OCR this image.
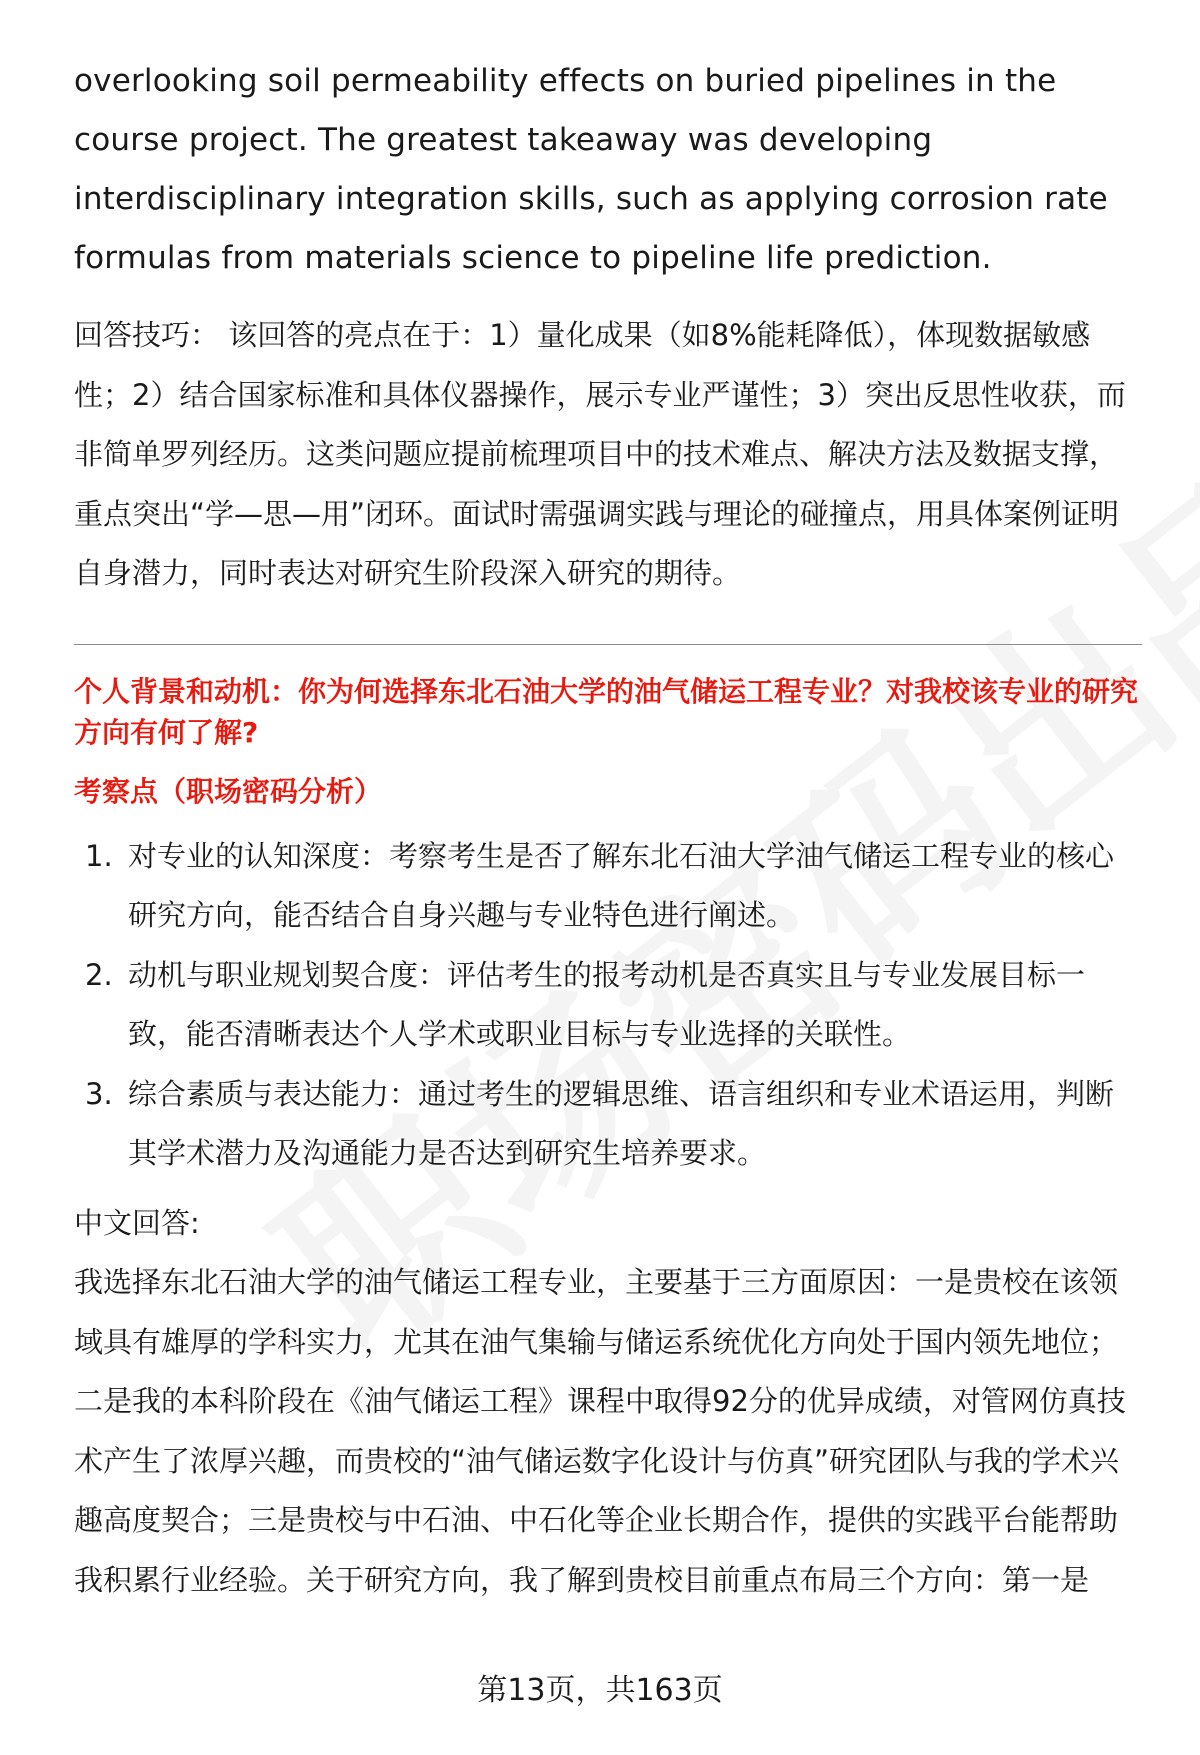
overlooking soil permeability effects on buried pipelines in the course project. The greatest takeaway was developing interdisciplinary integration skills, such as applying corrosion rate formulas from materials science to pipeline life prediction.

回答技巧： 该回答的亮点在于：1）量化成果（如8%能耗降低），体现数据敏感性；2）结合国家标准和具体仪器操作，展示专业严谨性；3）突出反思性收获，而非简单罗列经历。这类问题应提前梳理项目中的技术难点、解决方法及数据支撑，重点突出“学—思—用”闭环。面试时需强调实践与理论的碰撞点，用具体案例证明自身潜力，同时表达对研究生阶段深入研究的期待。

个人背景和动机：你为何选择东北石油大学的油气储运工程专业？对我校该专业的研究方向有何了解?

考察点（职场密码分析）

1. 对专业的认知深度：考察考生是否了解东北石油大学油气储运工程专业的核心研究方向，能否结合自身兴趣与专业特色进行阐述。
2. 动机与职业规划契合度：评估考生的报考动机是否真实且与专业发展目标一致，能否清晰表达个人学术或职业目标与专业选择的关联性。
3. 综合素质与表达能力：通过考生的逻辑思维、语言组织和专业术语运用，判断其学术潜力及沟通能力是否达到研究生培养要求。

中文回答:

我选择东北石油大学的油气储运工程专业，主要基于三方面原因：一是贵校在该领域具有雄厚的学科实力，尤其在油气集输与储运系统优化方向处于国内领先地位；二是我的本科阶段在《油气储运工程》课程中取得92分的优异成绩，对管网仿真技术产生了浓厚兴趣，而贵校的“油气储运数字化设计与仿真”研究团队与我的学术兴趣高度契合；三是贵校与中石油、中石化等企业长期合作，提供的实践平台能帮助我积累行业经验。关于研究方向，我了解到贵校目前重点布局三个方向：第一是

第13页，共163页
